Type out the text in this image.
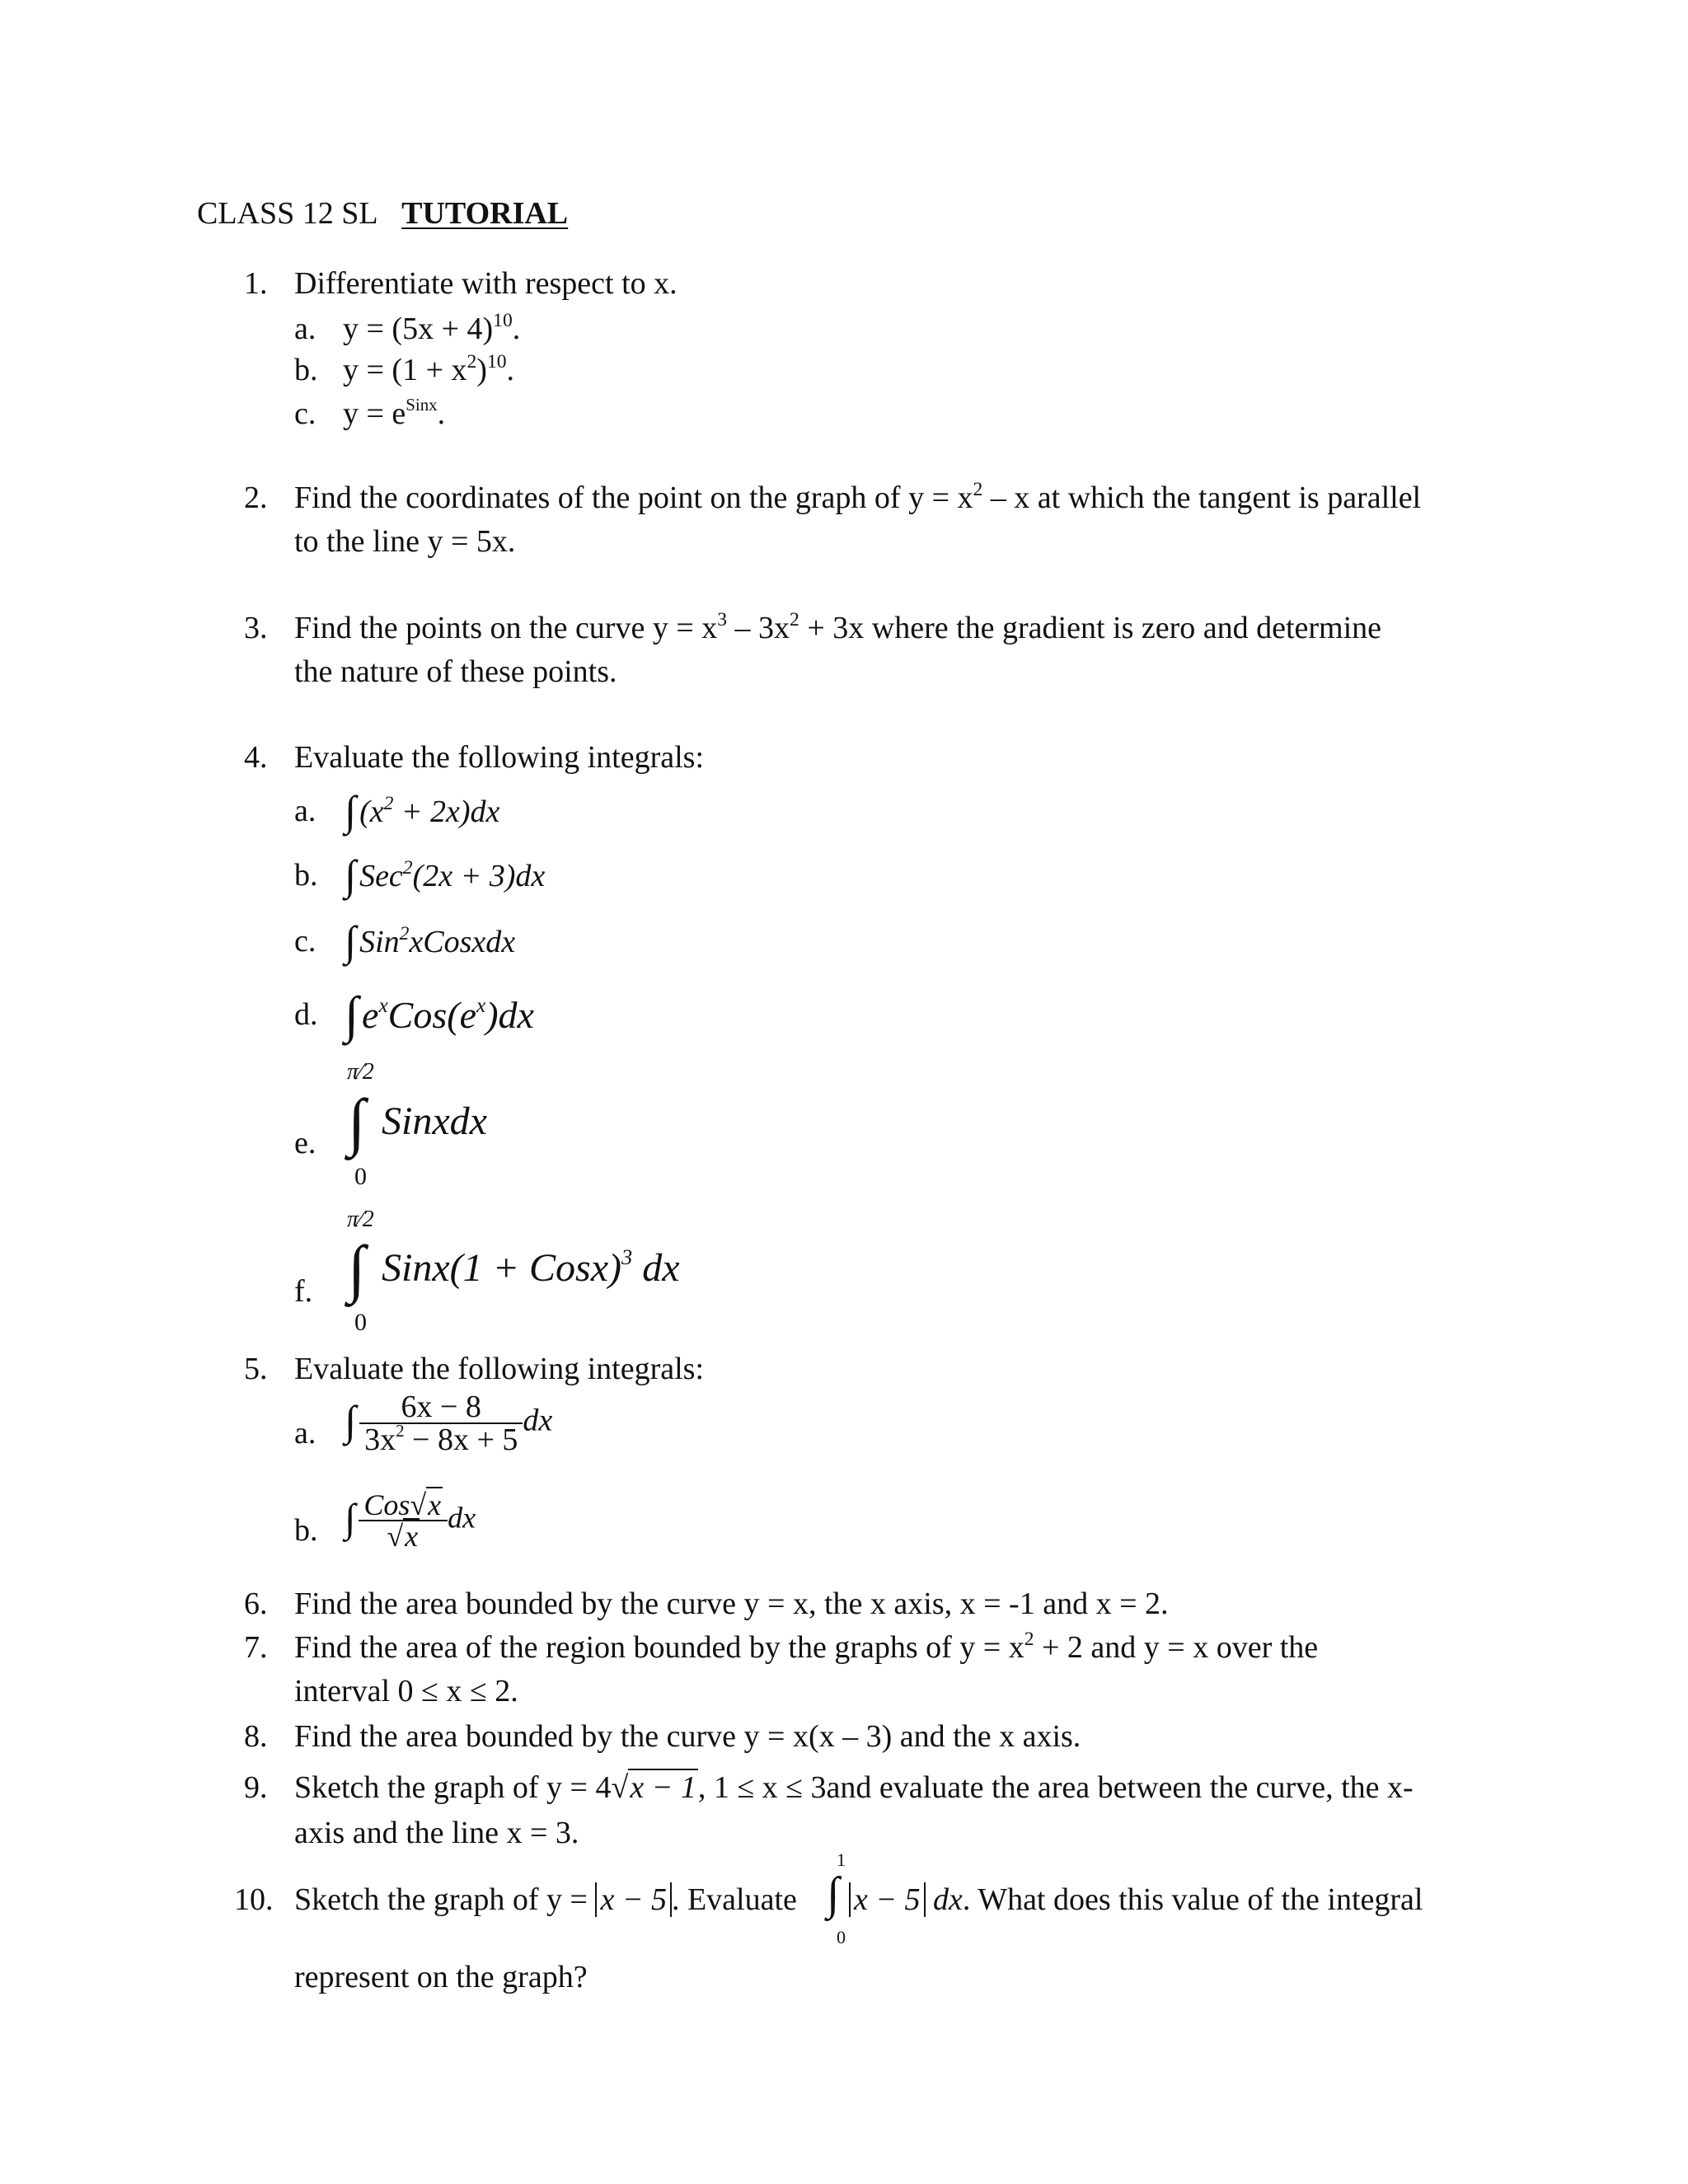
CLASS 12 SL TUTORIAL
1. Differentiate with respect to x.
a. $y = (5x + 4)^{10}$.
b. $y = (1 + x^2)^{10}$.
c. $y = e^{Sinx}$.
2. Find the coordinates of the point on the graph of $y = x^2 - x$ at which the tangent is parallel
to the line y = 5x.
3. Find the points on the curve $y = x^3 - 3x^2 + 3x$ where the gradient is zero and determine
the nature of these points.
4. Evaluate the following integrals:
a. ∫ $(x^2 + 2x)dx$
b. ∫ Sec$^2$(2x + 3)dx
c. ∫ Sin$^2$xCosxdx
d. $\int e^xCos(e^x)dx$
e.
π⁄2
∫
0
Sinxdx
f.
π⁄2
∫
0
Sinx(1 + Cosx)$^3$ dx
5. Evaluate the following integrals:
a. ∫ $\frac{6x - 8}{3x^2 - 8x + 5}$ dx
b. ∫ $\frac{\text{Cos√x}}{√x}$ dx
6. Find the area bounded by the curve y = x, the x axis, x = -1 and x = 2.
7. Find the area of the region bounded by the graphs of $y = x^2 + 2$ and y = x over the
interval 0 ≤ x ≤ 2.
8. Find the area bounded by the curve y = x(x – 3) and the x axis.
9. Sketch the graph of y = 4√x − 1, 1 ≤ x ≤ 3and evaluate the area between the curve, the x-
axis and the line x = 3.
10. Sketch the graph of y = x − 5 . Evaluate
1
∫
0
x − 5 dx. What does this value of the integral
represent on the graph?
